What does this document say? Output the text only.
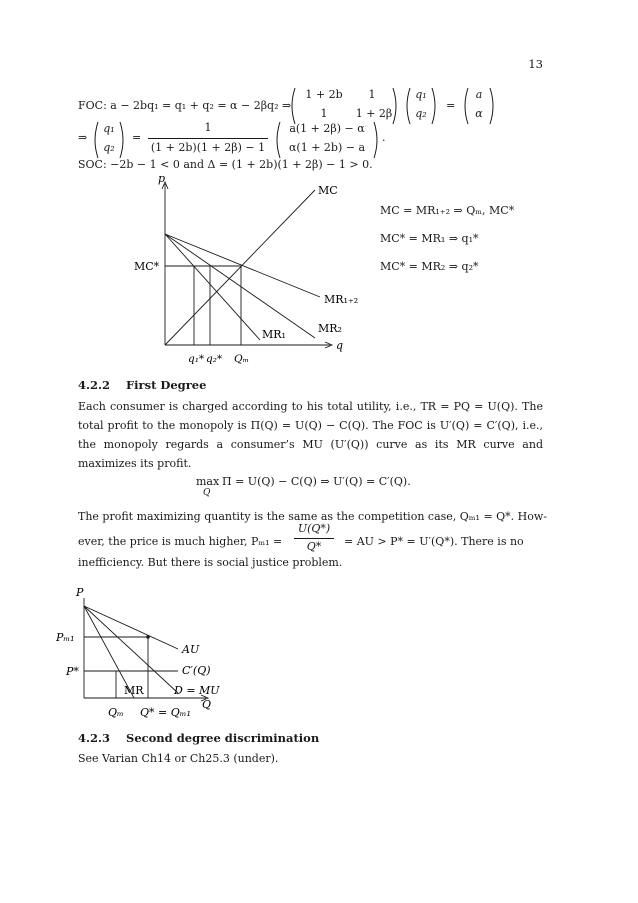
13
FOC: a − 2bq₁ = q₁ + q₂ = α − 2βq₂ ⇒
1 + 2b	1
1	1 + 2β
q₁
q₂
=
a
α
⇒
q₁
q₂
=
1
(1 + 2b)(1 + 2β) − 1
a(1 + 2β) − α
α(1 + 2b) − a
.
SOC: −2b − 1 < 0 and Δ = (1 + 2b)(1 + 2β) − 1 > 0.
p
q
MC
MC*
MR₁₊₂
MR₂
MR₁
q₁* q₂* Qₘ
MC = MR₁₊₂ ⇒ Qₘ, MC*
MC* = MR₁ ⇒ q₁*
MC* = MR₂ ⇒ q₂*
4.2.2 First Degree
Each consumer is charged according to his total utility, i.e., TR = PQ = U(Q). The total profit to the monopoly is Π(Q) = U(Q) − C(Q). The FOC is U′(Q) = C′(Q), i.e., the monopoly regards a consumer’s MU (U′(Q)) curve as its MR curve and maximizes its profit.
max
Q
Π = U(Q) − C(Q) ⇒ U′(Q) = C′(Q).
The profit maximizing quantity is the same as the competition case, Qₘ₁ = Q*. How-
ever, the price is much higher, Pₘ₁ =
U(Q*)
Q*	= AU > P* = U′(Q*). There is no
inefficiency. But there is social justice problem.
P
Q
Pₘ₁
P*
AU
C′(Q)
MR	D = MU
Qₘ Q* = Qₘ₁
4.2.3 Second degree discrimination
See Varian Ch14 or Ch25.3 (under).
